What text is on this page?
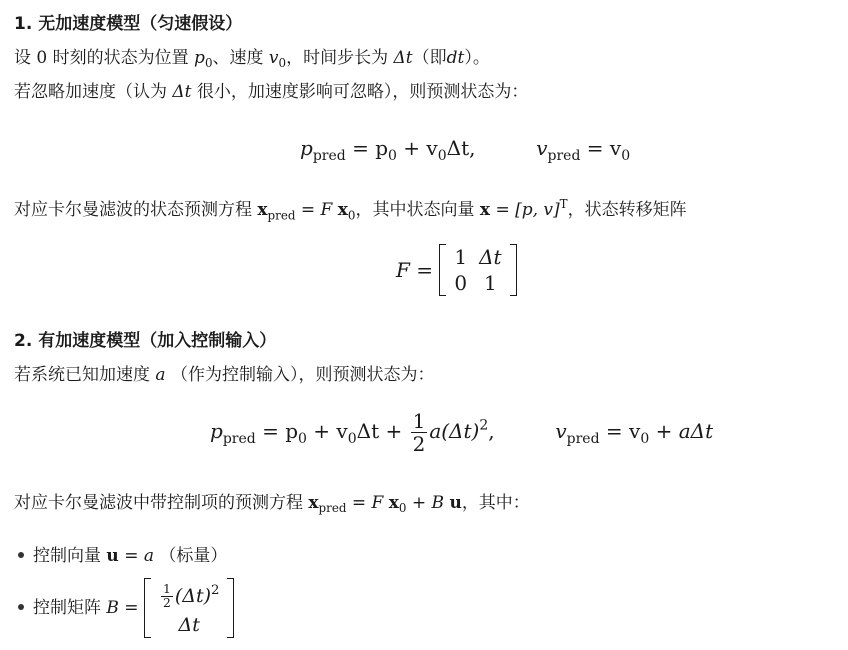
1. 无加速度模型（匀速假设）
设 0 时刻的状态为位置 $p_0$、速度 $v_0$，时间步长为 Δt（即dt）。
若忽略加速度（认为 Δt 很小，加速度影响可忽略），则预测状态为：
$p_{pred} = p_0 + v_0\Delta t$,	$v_{pred} = v_0$
对应卡尔曼滤波的状态预测方程 $x_{pred} = F$ $x_0$，其中状态向量 x = [p, v]$^T$，状态转移矩阵
F =
1	Δt
0	1
2. 有加速度模型（加入控制输入）
若系统已知加速度 a （作为控制输入），则预测状态为：
$p_{pred} = p_0 + v_0\Delta t + \frac{1}{2} a(\Delta t)^2$,	$v_{pred} = v_0 + a\Delta t$
对应卡尔曼滤波中带控制项的预测方程 $x_{pred} = F$ $x_0 + B$ u，其中：
控制向量 u = a （标量）
控制矩阵 $B = \frac{1}{2} (\Delta t)^2$
Δt
